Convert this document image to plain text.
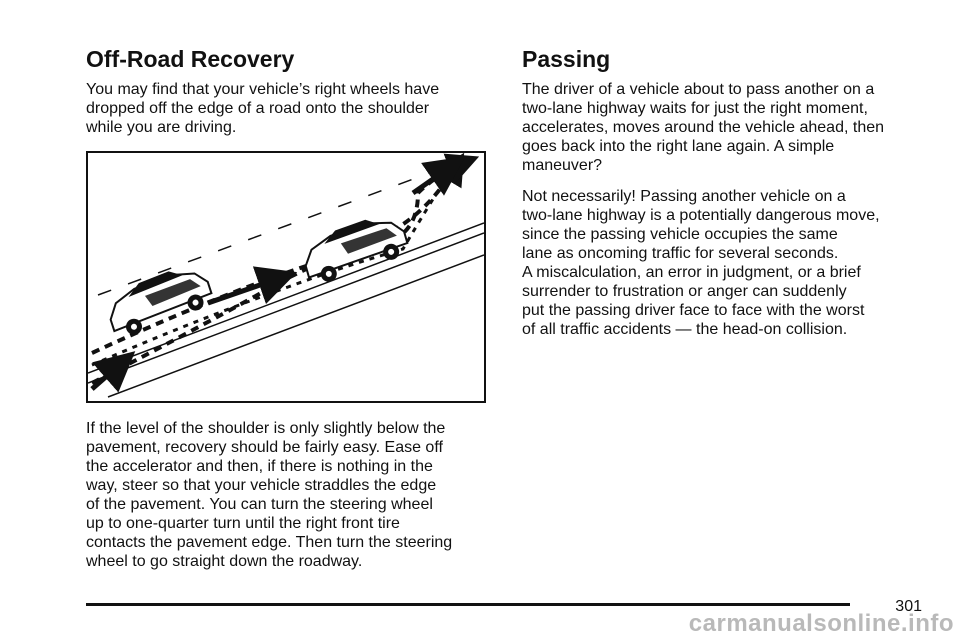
Off-Road Recovery

You may find that your vehicle’s right wheels have
dropped off the edge of a road onto the shoulder
while you are driving.

If the level of the shoulder is only slightly below the
pavement, recovery should be fairly easy. Ease off
the accelerator and then, if there is nothing in the
way, steer so that your vehicle straddles the edge
of the pavement. You can turn the steering wheel
up to one-quarter turn until the right front tire
contacts the pavement edge. Then turn the steering
wheel to go straight down the roadway.

Passing

The driver of a vehicle about to pass another on a
two-lane highway waits for just the right moment,
accelerates, moves around the vehicle ahead, then
goes back into the right lane again. A simple
maneuver?

Not necessarily! Passing another vehicle on a
two-lane highway is a potentially dangerous move,
since the passing vehicle occupies the same
lane as oncoming traffic for several seconds.
A miscalculation, an error in judgment, or a brief
surrender to frustration or anger can suddenly
put the passing driver face to face with the worst
of all traffic accidents — the head-on collision.

301
carmanualsonline.info
